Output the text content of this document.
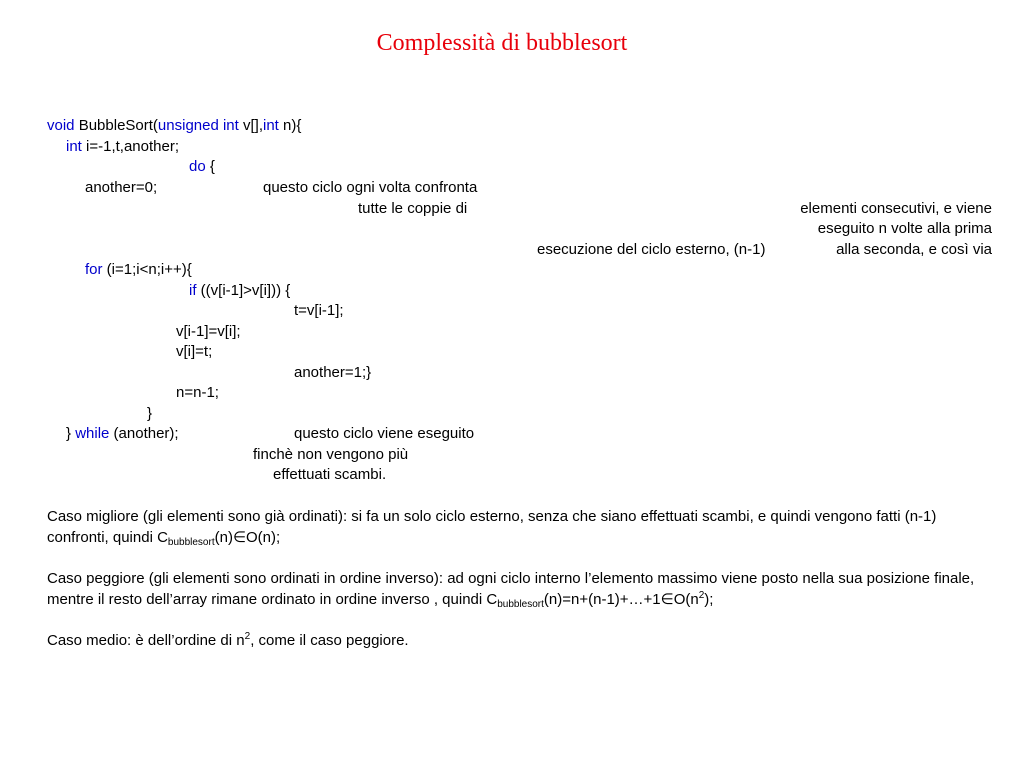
Complessità di bubblesort
void BubbleSort(unsigned int v[],int n){
int i=-1,t,another;
do {
another=0;	questo ciclo ogni volta confronta
tutte le coppie di	elementi consecutivi, e viene
eseguito n volte alla prima
esecuzione del ciclo esterno, (n-1)	alla seconda, e così via
for (i=1;i<n;i++){
if ((v[i-1]>v[i])) {
t=v[i-1];
v[i-1]=v[i];
v[i]=t;
another=1;}
n=n-1;
}
} while (another);	questo ciclo viene eseguito
finchè non vengono più
effettuati scambi.
Caso migliore (gli elementi sono già ordinati): si fa un solo ciclo esterno, senza che siano effettuati scambi, e quindi vengono fatti (n-1) confronti, quindi $C_{bubblesort}(n)\in O(n)$;
Caso peggiore (gli elementi sono ordinati in ordine inverso): ad ogni ciclo interno l’elemento massimo viene posto nella sua posizione finale, mentre il resto dell’array rimane ordinato in ordine inverso , quindi $C_{bubblesort}(n)=n+(n-1)+\dots+1\in O(n^2)$;
Caso medio: è dell’ordine di $n^2$, come il caso peggiore.
